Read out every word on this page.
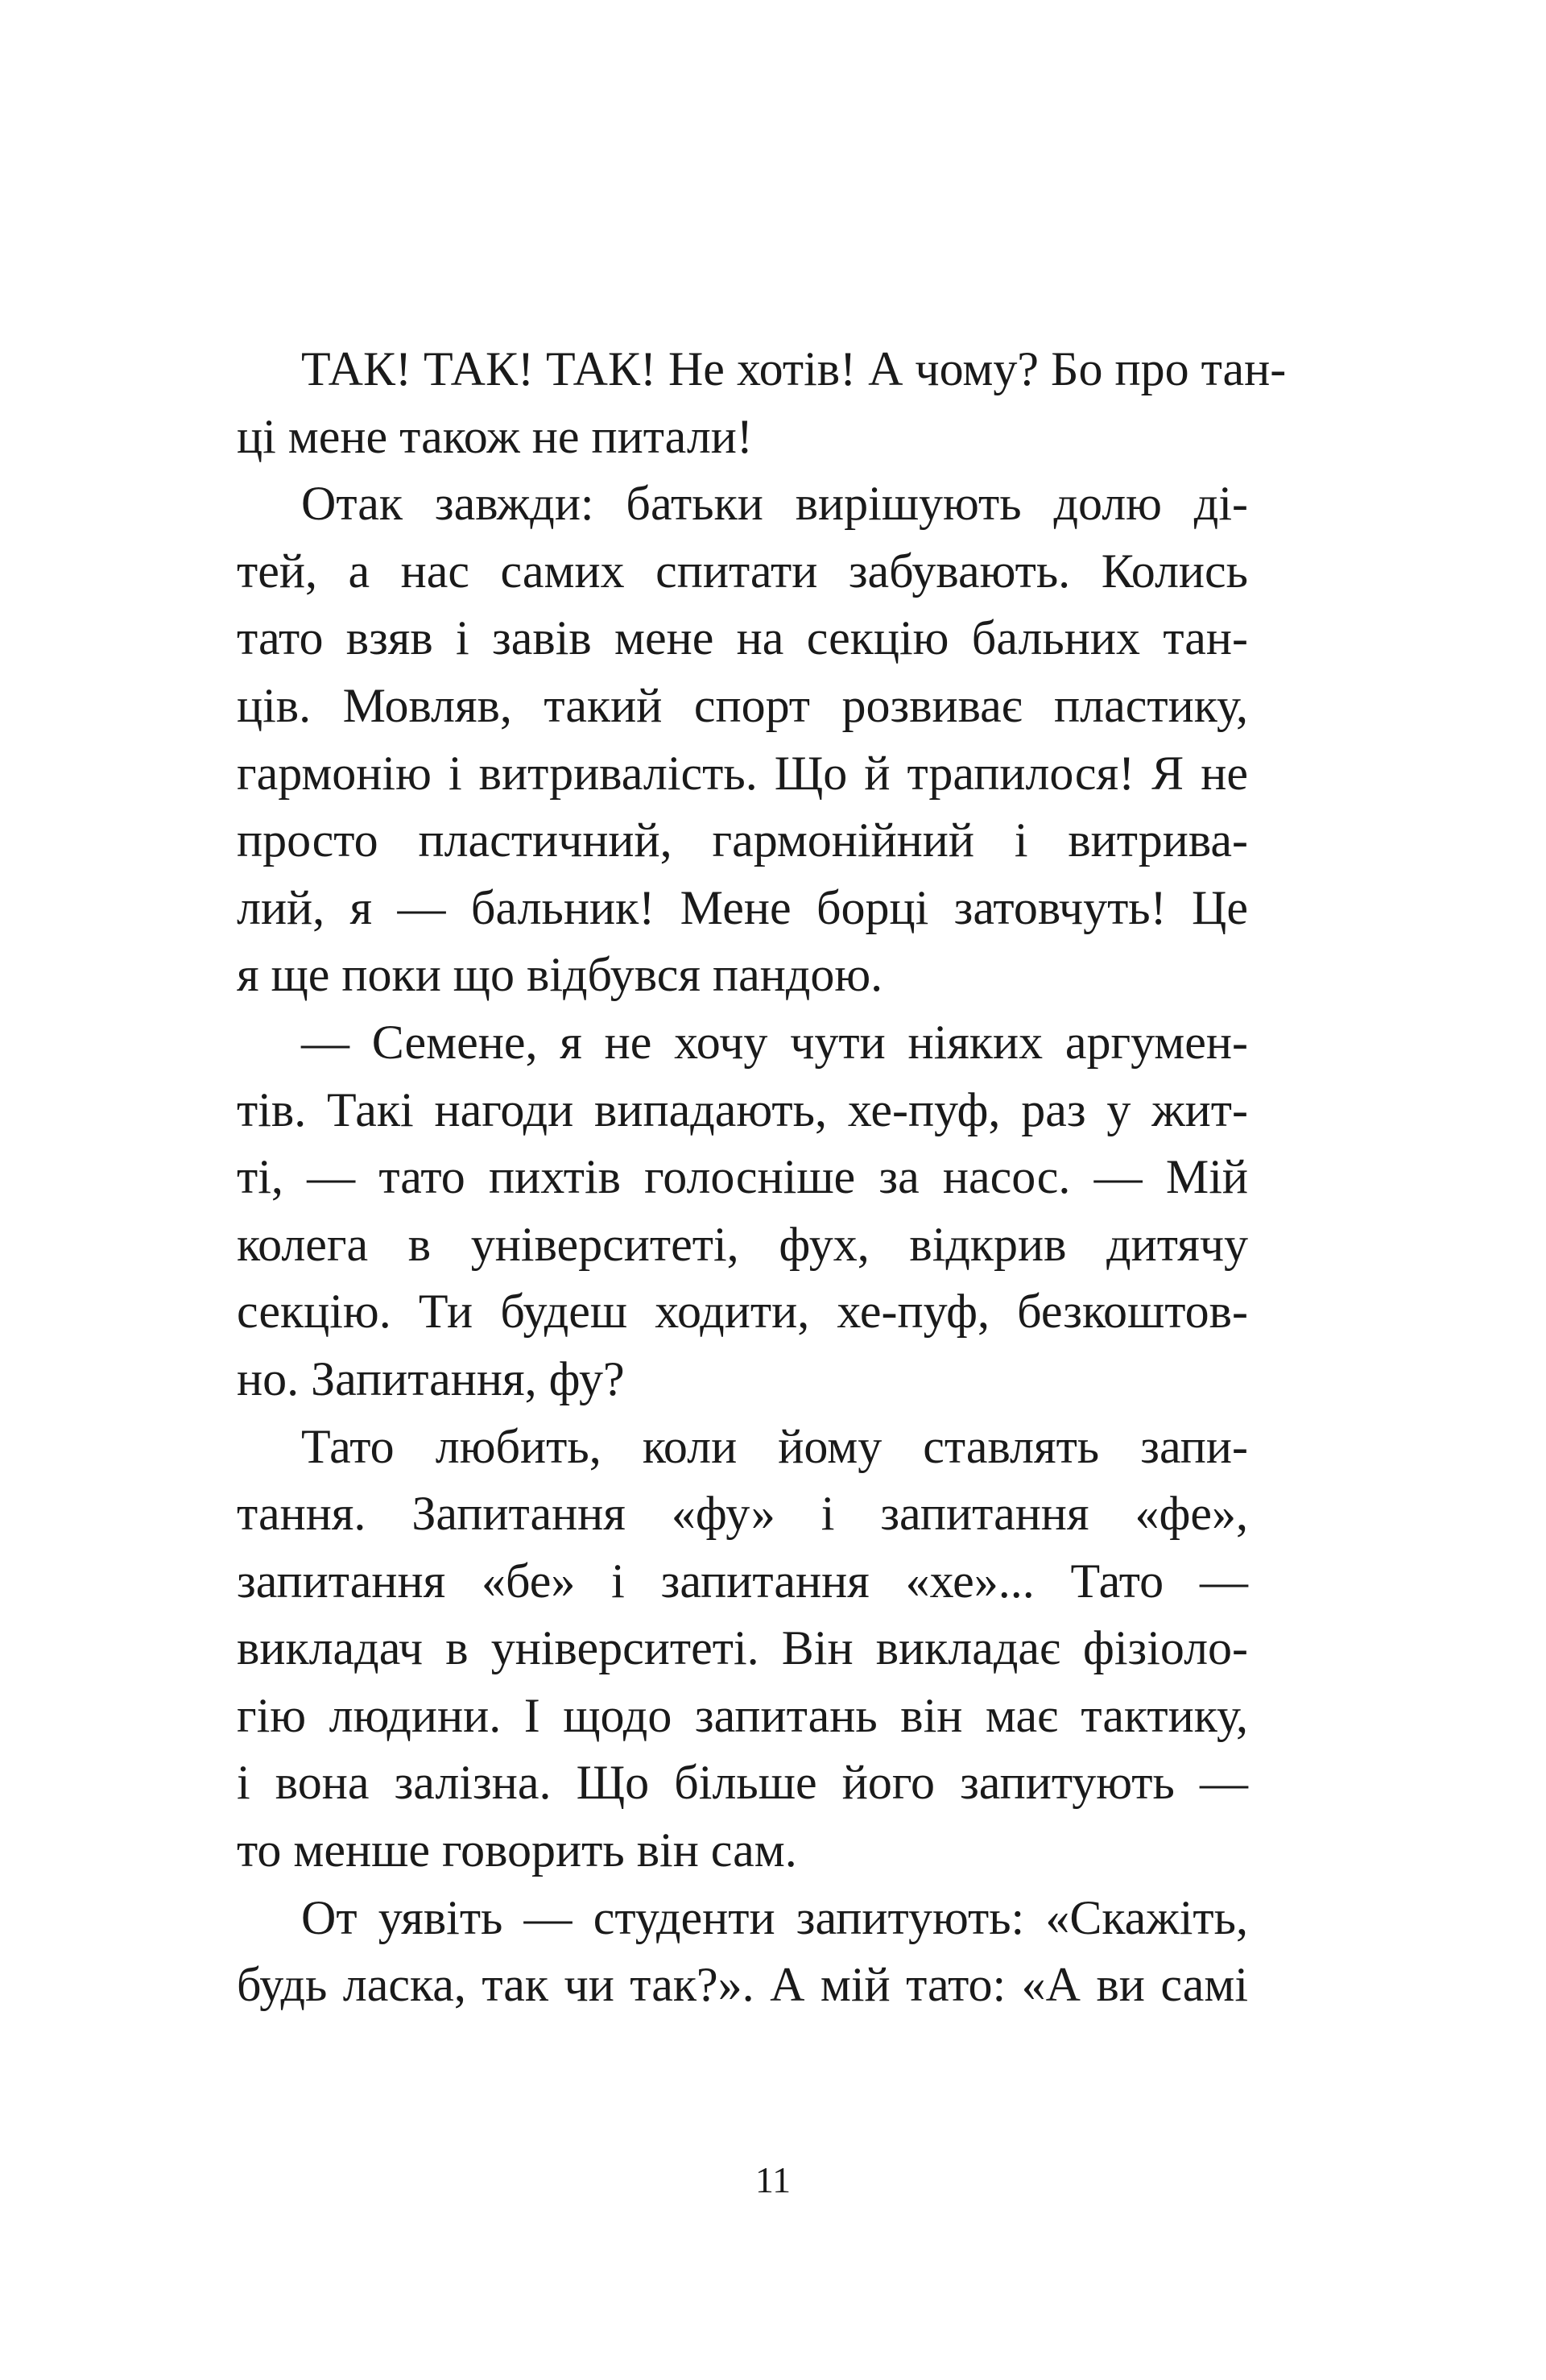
ТАК! ТАК! ТАК! Не хотів! А чому? Бо про тан-
ці мене також не питали!
Отак завжди: батьки вирішують долю ді-
тей, а нас самих спитати забувають. Колись
тато взяв і завів мене на секцію бальних тан-
ців. Мовляв, такий спорт розвиває пластику,
гармонію і витривалість. Що й трапилося! Я не
просто пластичний, гармонійний і витрива-
лий, я — бальник! Мене борці затовчуть! Це
я ще поки що відбувся пандою.
— Семене, я не хочу чути ніяких аргумен-
тів. Такі нагоди випадають, хе-пуф, раз у жит-
ті, — тато пихтів голосніше за насос. — Мій
колега в університеті, фух, відкрив дитячу
секцію. Ти будеш ходити, хе-пуф, безкоштов-
но. Запитання, фу?
Тато любить, коли йому ставлять запи-
тання. Запитання «фу» і запитання «фе»,
запитання «бе» і запитання «хе»... Тато —
викладач в університеті. Він викладає фізіоло-
гію людини. І щодо запитань він має тактику,
і вона залізна. Що більше його запитують —
то менше говорить він сам.
От уявіть — студенти запитують: «Скажіть,
будь ласка, так чи так?». А мій тато: «А ви самі
11
